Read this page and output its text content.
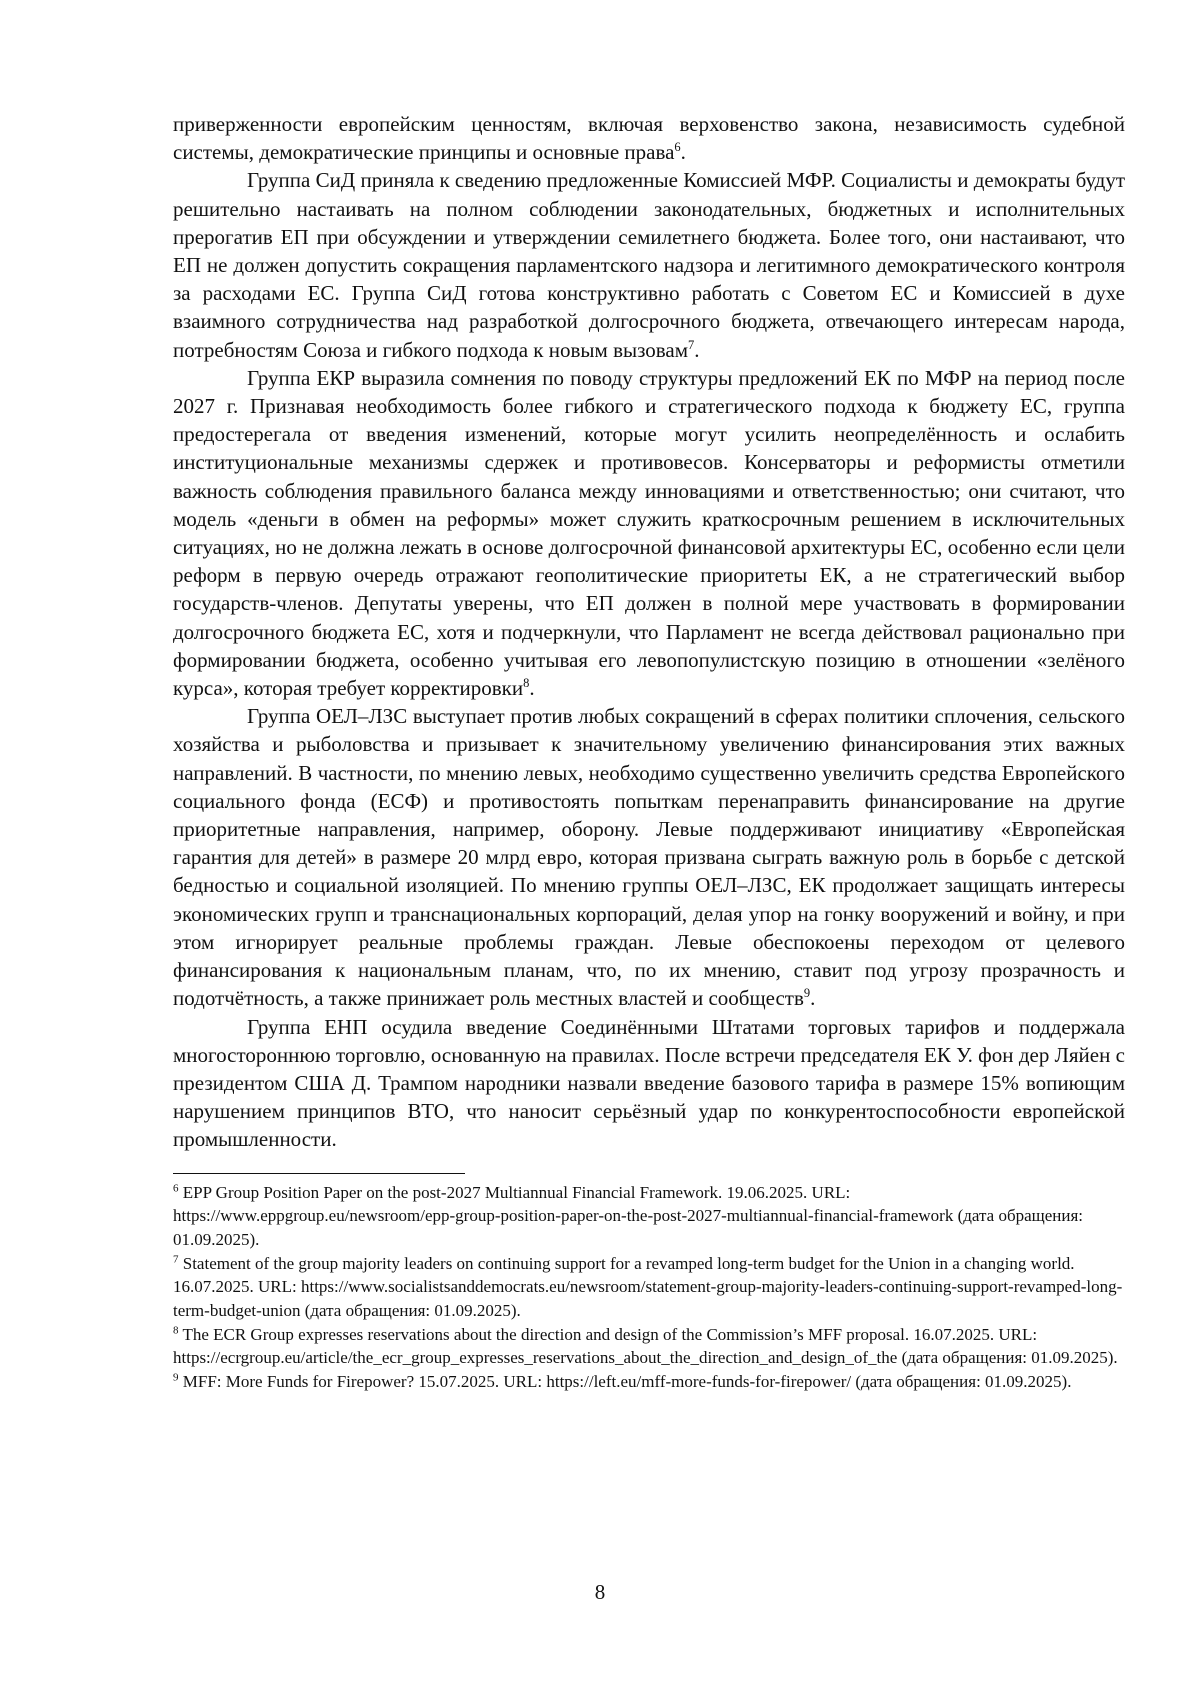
приверженности европейским ценностям, включая верховенство закона, независимость судебной системы, демократические принципы и основные права$^6$.

Группа СиД приняла к сведению предложенные Комиссией МФР. Социалисты и демократы будут решительно настаивать на полном соблюдении законодательных, бюджетных и исполнительных прерогатив ЕП при обсуждении и утверждении семилетнего бюджета. Более того, они настаивают, что ЕП не должен допустить сокращения парламентского надзора и легитимного демократического контроля за расходами ЕС. Группа СиД готова конструктивно работать с Советом ЕС и Комиссией в духе взаимного сотрудничества над разработкой долгосрочного бюджета, отвечающего интересам народа, потребностям Союза и гибкого подхода к новым вызовам$^7$.

Группа ЕКР выразила сомнения по поводу структуры предложений ЕК по МФР на период после 2027 г. Признавая необходимость более гибкого и стратегического подхода к бюджету ЕС, группа предостерегала от введения изменений, которые могут усилить неопределённость и ослабить институциональные механизмы сдержек и противовесов. Консерваторы и реформисты отметили важность соблюдения правильного баланса между инновациями и ответственностью; они считают, что модель «деньги в обмен на реформы» может служить краткосрочным решением в исключительных ситуациях, но не должна лежать в основе долгосрочной финансовой архитектуры ЕС, особенно если цели реформ в первую очередь отражают геополитические приоритеты ЕК, а не стратегический выбор государств-членов. Депутаты уверены, что ЕП должен в полной мере участвовать в формировании долгосрочного бюджета ЕС, хотя и подчеркнули, что Парламент не всегда действовал рационально при формировании бюджета, особенно учитывая его левопопулистскую позицию в отношении «зелёного курса», которая требует корректировки$^8$.

Группа ОЕЛ–ЛЗС выступает против любых сокращений в сферах политики сплочения, сельского хозяйства и рыболовства и призывает к значительному увеличению финансирования этих важных направлений. В частности, по мнению левых, необходимо существенно увеличить средства Европейского социального фонда (ЕСФ) и противостоять попыткам перенаправить финансирование на другие приоритетные направления, например, оборону. Левые поддерживают инициативу «Европейская гарантия для детей» в размере 20 млрд евро, которая призвана сыграть важную роль в борьбе с детской бедностью и социальной изоляцией. По мнению группы ОЕЛ–ЛЗС, ЕК продолжает защищать интересы экономических групп и транснациональных корпораций, делая упор на гонку вооружений и войну, и при этом игнорирует реальные проблемы граждан. Левые обеспокоены переходом от целевого финансирования к национальным планам, что, по их мнению, ставит под угрозу прозрачность и подотчётность, а также принижает роль местных властей и сообществ$^9$.

Группа ЕНП осудила введение Соединёнными Штатами торговых тарифов и поддержала многостороннюю торговлю, основанную на правилах. После встречи председателя ЕК У. фон дер Ляйен с президентом США Д. Трампом народники назвали введение базового тарифа в размере 15% вопиющим нарушением принципов ВТО, что наносит серьёзный удар по конкурентоспособности европейской промышленности.

$^6$ EPP Group Position Paper on the post-2027 Multiannual Financial Framework. 19.06.2025. URL: https://www.eppgroup.eu/newsroom/epp-group-position-paper-on-the-post-2027-multiannual-financial-framework (дата обращения: 01.09.2025).

$^7$ Statement of the group majority leaders on continuing support for a revamped long-term budget for the Union in a changing world. 16.07.2025. URL: https://www.socialistsanddemocrats.eu/newsroom/statement-group-majority-leaders-continuing-support-revamped-long-term-budget-union (дата обращения: 01.09.2025).

$^8$ The ECR Group expresses reservations about the direction and design of the Commission’s MFF proposal. 16.07.2025. URL: https://ecrgroup.eu/article/the_ecr_group_expresses_reservations_about_the_direction_and_design_of_the (дата обращения: 01.09.2025).

$^9$ MFF: More Funds for Firepower? 15.07.2025. URL: https://left.eu/mff-more-funds-for-firepower/ (дата обращения: 01.09.2025).

8
